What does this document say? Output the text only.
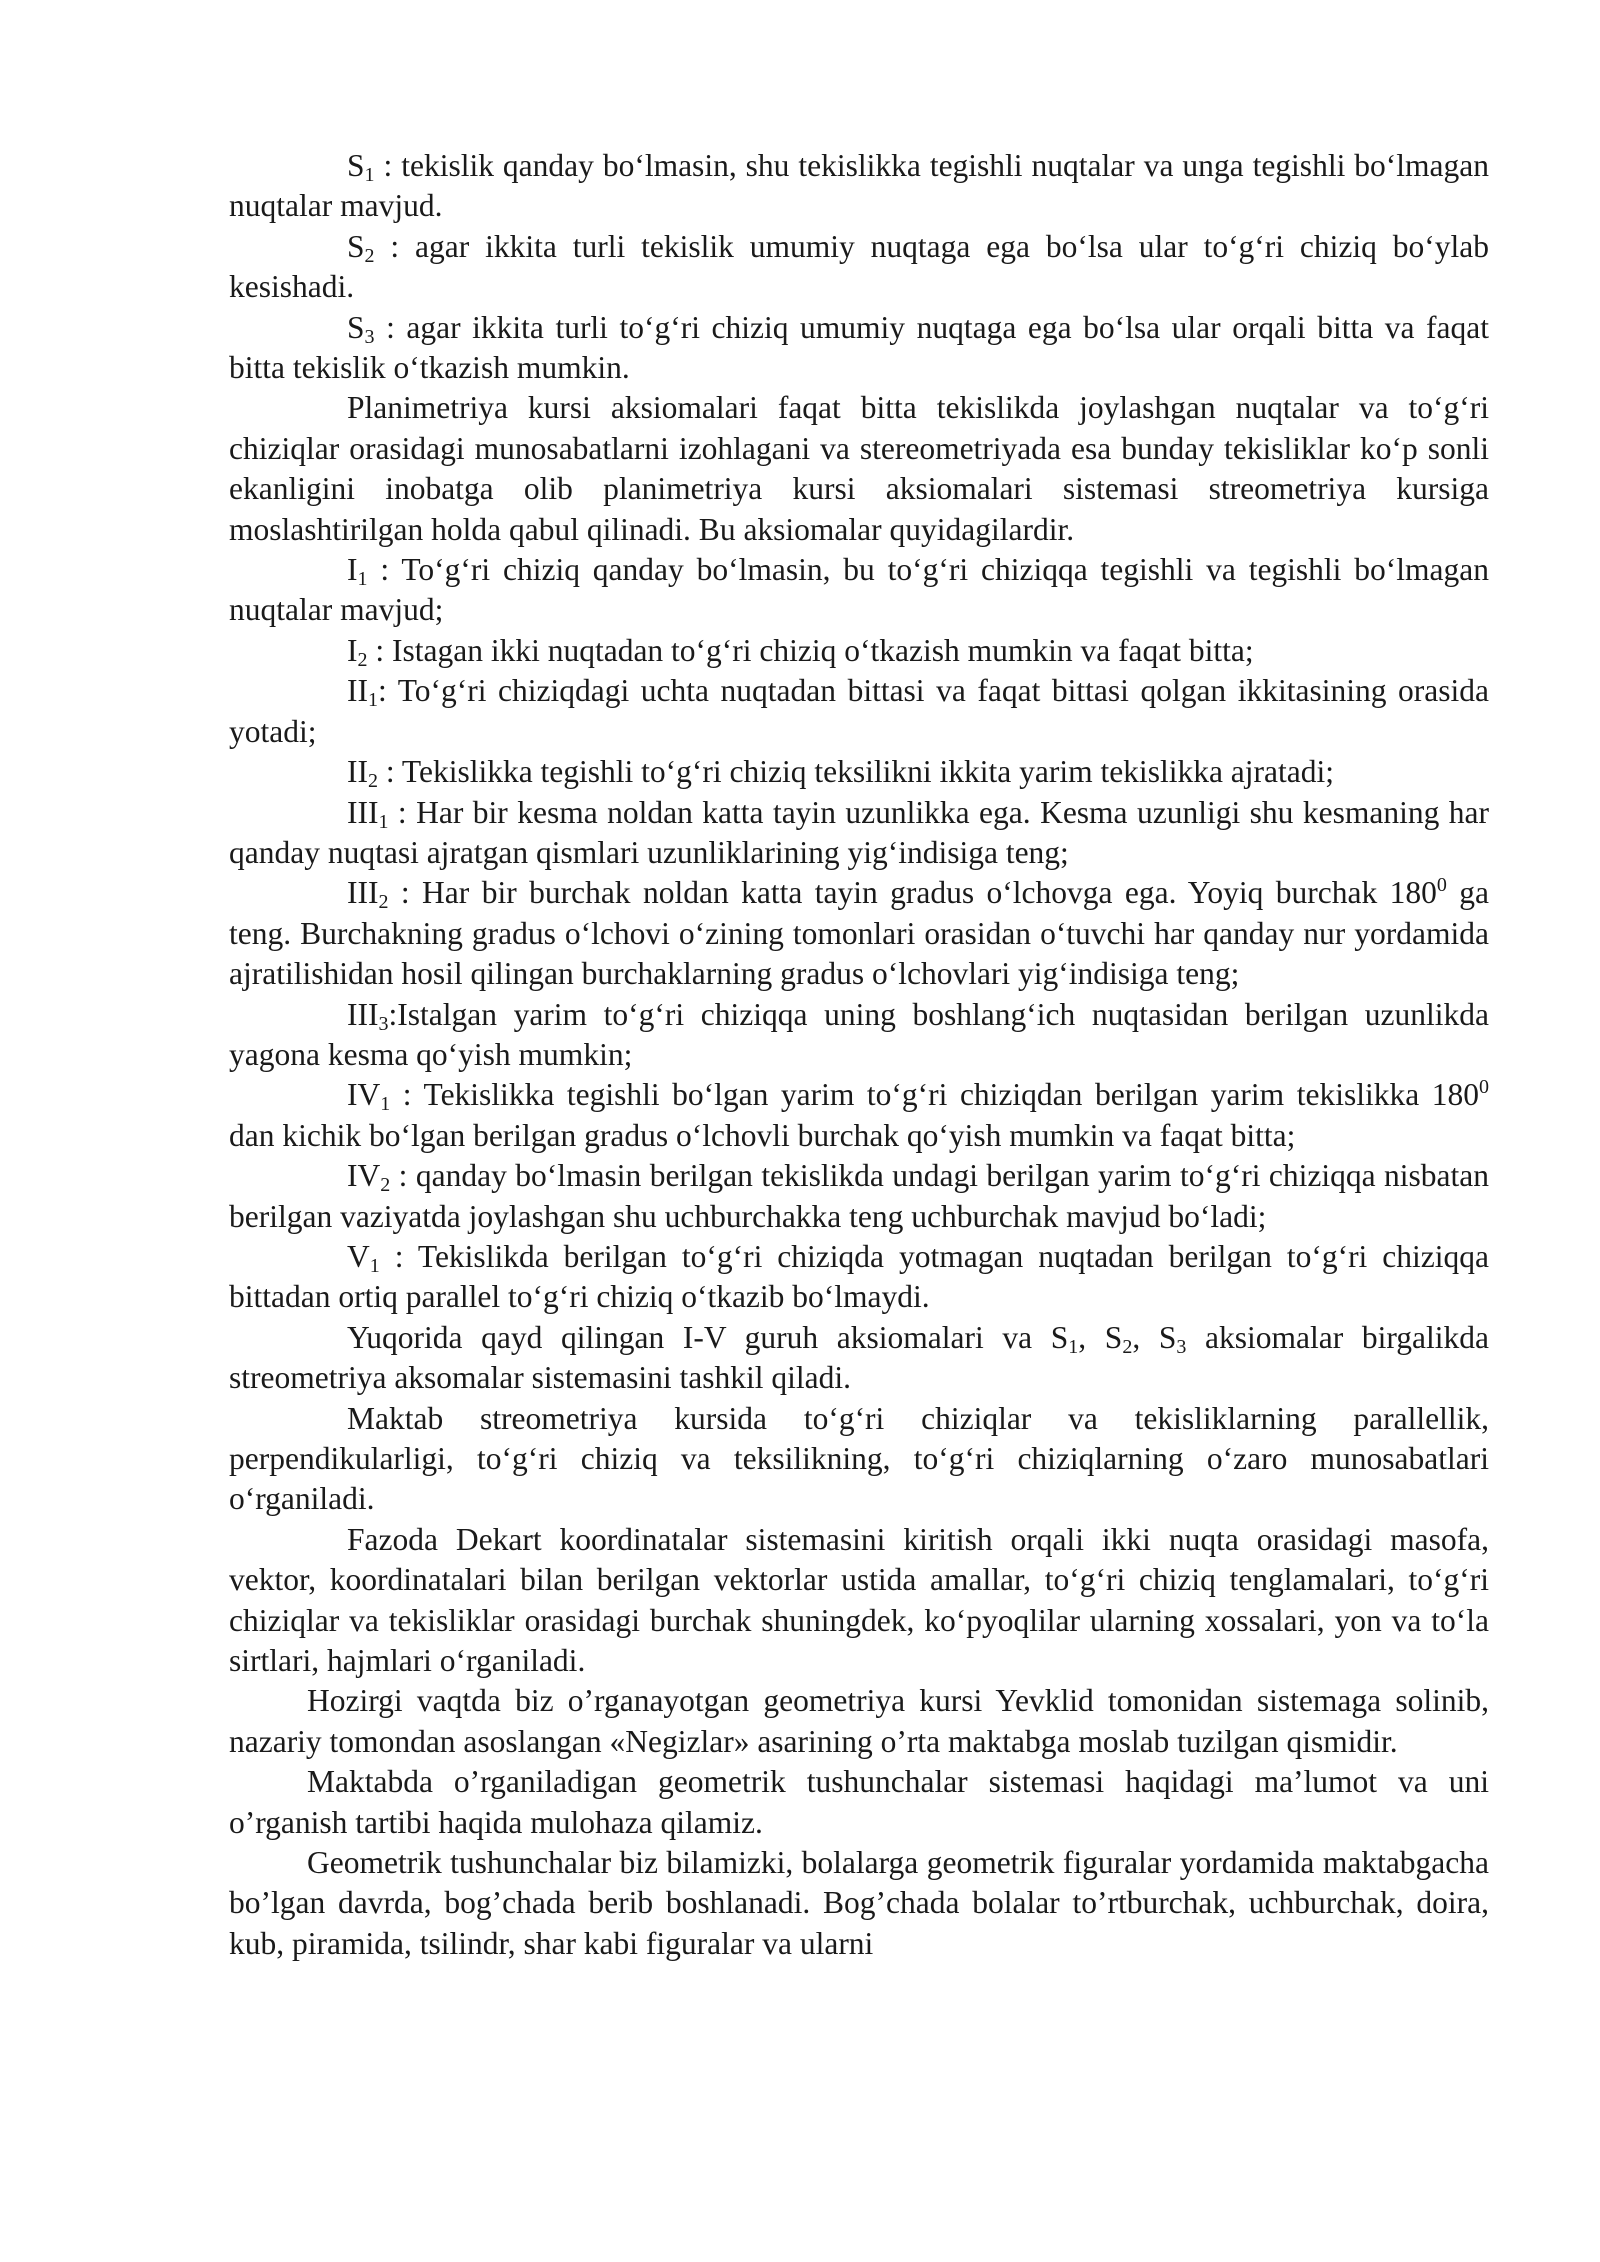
$S_1$ : tekislik qanday bo‘lmasin, shu tekislikka tegishli nuqtalar va unga tegishli bo‘lmagan nuqtalar mavjud.

$S_2$ : agar ikkita turli tekislik umumiy nuqtaga ega bo‘lsa ular to‘g‘ri chiziq bo‘ylab kesishadi.

$S_3$ : agar ikkita turli to‘g‘ri chiziq umumiy nuqtaga ega bo‘lsa ular orqali bitta va faqat bitta tekislik o‘tkazish mumkin.

Planimetriya kursi aksiomalari faqat bitta tekislikda joylashgan nuqtalar va to‘g‘ri chiziqlar orasidagi munosabatlarni izohlagani va stereometriyada esa bunday tekisliklar ko‘p sonli ekanligini inobatga olib planimetriya kursi aksiomalari sistemasi streometriya kursiga moslashtirilgan holda qabul qilinadi. Bu aksiomalar quyidagilardir.

$I_1$ : To‘g‘ri chiziq qanday bo‘lmasin, bu to‘g‘ri chiziqqa tegishli va tegishli bo‘lmagan nuqtalar mavjud;

$I_2$ : Istagan ikki nuqtadan to‘g‘ri chiziq o‘tkazish mumkin va faqat bitta;

$II_1$: To‘g‘ri chiziqdagi uchta nuqtadan bittasi va faqat bittasi qolgan ikkitasining orasida yotadi;

$II_2$ : Tekislikka tegishli to‘g‘ri chiziq teksilikni ikkita yarim tekislikka ajratadi;

$III_1$ : Har bir kesma noldan katta tayin uzunlikka ega. Kesma uzunligi shu kesmaning har qanday nuqtasi ajratgan qismlari uzunliklarining yig‘indisiga teng;

$III_2$ : Har bir burchak noldan katta tayin gradus o‘lchovga ega. Yoyiq burchak $180^0$ ga teng. Burchakning gradus o‘lchovi o‘zining tomonlari orasidan o‘tuvchi har qanday nur yordamida ajratilishidan hosil qilingan burchaklarning gradus o‘lchovlari yig‘indisiga teng;

$III_3:Istalgan$ yarim to‘g‘ri chiziqqa uning boshlang‘ich nuqtasidan berilgan uzunlikda yagona kesma qo‘yish mumkin;

$IV_1$ : Tekislikka tegishli bo‘lgan yarim to‘g‘ri chiziqdan berilgan yarim tekislikka $180^0$ dan kichik bo‘lgan berilgan gradus o‘lchovli burchak qo‘yish mumkin va faqat bitta;

$IV_2$ : qanday bo‘lmasin berilgan tekislikda undagi berilgan yarim to‘g‘ri chiziqqa nisbatan berilgan vaziyatda joylashgan shu uchburchakka teng uchburchak mavjud bo‘ladi;

$V_1$ : Tekislikda berilgan to‘g‘ri chiziqda yotmagan nuqtadan berilgan to‘g‘ri chiziqqa bittadan ortiq parallel to‘g‘ri chiziq o‘tkazib bo‘lmaydi.

Yuqorida qayd qilingan I-V guruh aksiomalari va $S_1$, $S_2$, $S_3$ aksiomalar birgalikda streometriya aksomalar sistemasini tashkil qiladi.

Maktab streometriya kursida to‘g‘ri chiziqlar va tekisliklarning parallellik, perpendikularligi, to‘g‘ri chiziq va teksilikning, to‘g‘ri chiziqlarning o‘zaro munosabatlari o‘rganiladi.

Fazoda Dekart koordinatalar sistemasini kiritish orqali ikki nuqta orasidagi masofa, vektor, koordinatalari bilan berilgan vektorlar ustida amallar, to‘g‘ri chiziq tenglamalari, to‘g‘ri chiziqlar va tekisliklar orasidagi burchak shuningdek, ko‘pyoqlilar ularning xossalari, yon va to‘la sirtlari, hajmlari o‘rganiladi.

Hozirgi vaqtda biz o’rganayotgan geometriya kursi Yevklid tomonidan sistemaga solinib, nazariy tomondan asoslangan «Negizlar» asarining o’rta maktabga moslab tuzilgan qismidir.

Maktabda o’rganiladigan geometrik tushunchalar sistemasi haqidagi ma’lumot va uni o’rganish tartibi haqida mulohaza qilamiz.

Geometrik tushunchalar biz bilamizki, bolalarga geometrik figuralar yordamida maktabgacha bo’lgan davrda, bog’chada berib boshlanadi. Bog’chada bolalar to’rtburchak, uchburchak, doira, kub, piramida, tsilindr, shar kabi figuralar va ularni
